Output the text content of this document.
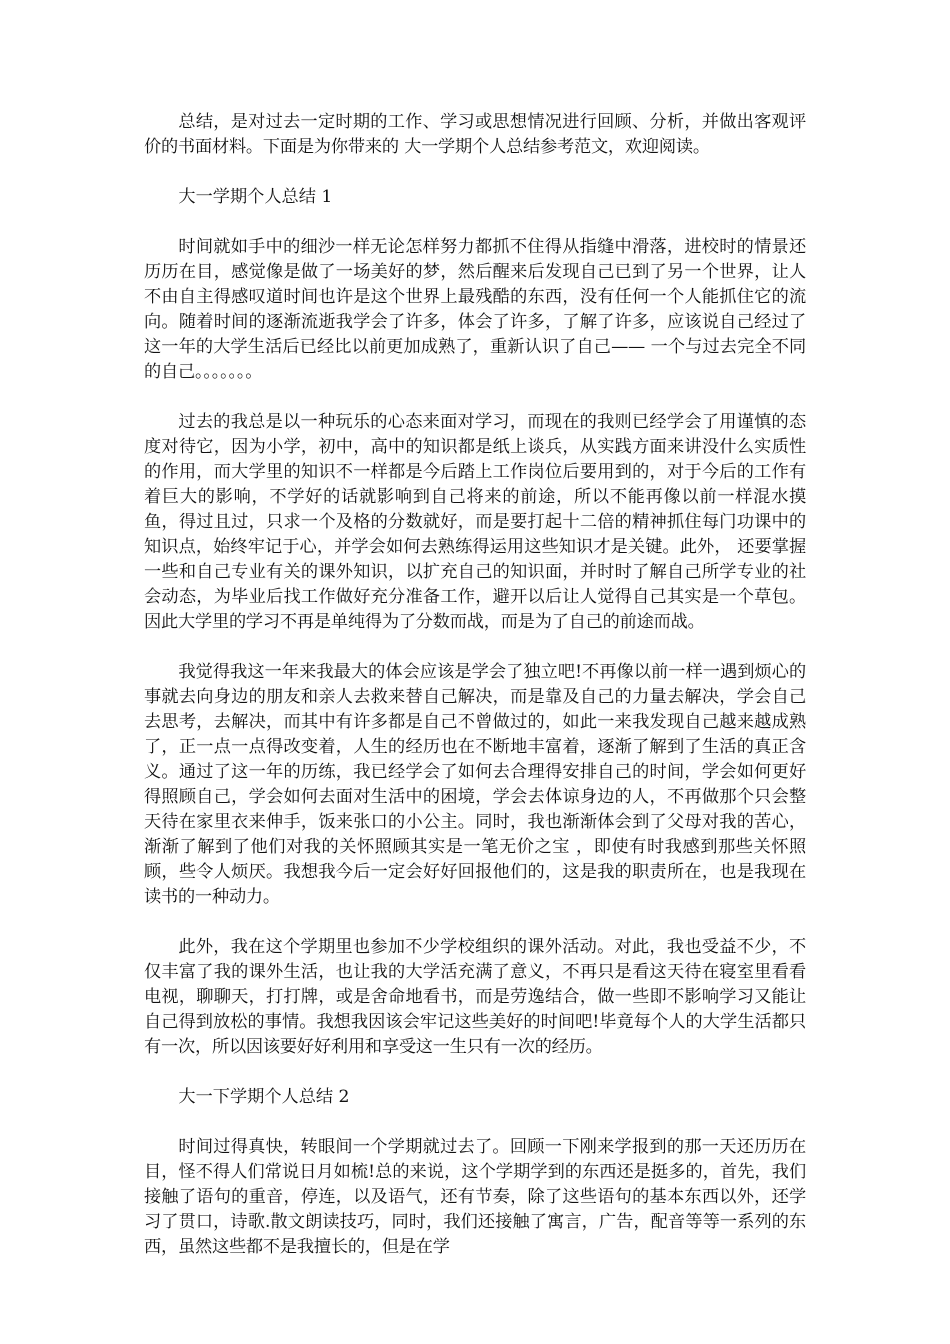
总结，是对过去一定时期的工作、学习或思想情况进行回顾、分析，并做出客观评价的书面材料。下面是为你带来的 大一学期个人总结参考范文，欢迎阅读。

大一学期个人总结 1

时间就如手中的细沙一样无论怎样努力都抓不住得从指缝中滑落，进校时的情景还历历在目，感觉像是做了一场美好的梦，然后醒来后发现自己已到了另一个世界，让人不由自主得感叹道时间也许是这个世界上最残酷的东西，没有任何一个人能抓住它的流向。随着时间的逐渐流逝我学会了许多，体会了许多，了解了许多，应该说自己经过了这一年的大学生活后已经比以前更加成熟了，重新认识了自己—— 一个与过去完全不同的自己。。。。。。。

过去的我总是以一种玩乐的心态来面对学习，而现在的我则已经学会了用谨慎的态度对待它，因为小学，初中，高中的知识都是纸上谈兵，从实践方面来讲没什么实质性的作用，而大学里的知识不一样都是今后踏上工作岗位后要用到的，对于今后的工作有着巨大的影响，不学好的话就影响到自己将来的前途，所以不能再像以前一样混水摸鱼，得过且过，只求一个及格的分数就好，而是要打起十二倍的精神抓住每门功课中的知识点，始终牢记于心，并学会如何去熟练得运用这些知识才是关键。此外， 还要掌握一些和自己专业有关的课外知识，以扩充自己的知识面，并时时了解自己所学专业的社会动态，为毕业后找工作做好充分准备工作，避开以后让人觉得自己其实是一个草包。因此大学里的学习不再是单纯得为了分数而战，而是为了自己的前途而战。

我觉得我这一年来我最大的体会应该是学会了独立吧!不再像以前一样一遇到烦心的事就去向身边的朋友和亲人去救来替自己解决，而是靠及自己的力量去解决，学会自己去思考，去解决，而其中有许多都是自己不曾做过的，如此一来我发现自己越来越成熟了，正一点一点得改变着，人生的经历也在不断地丰富着，逐渐了解到了生活的真正含义。通过了这一年的历练，我已经学会了如何去合理得安排自己的时间，学会如何更好得照顾自己，学会如何去面对生活中的困境，学会去体谅身边的人，不再做那个只会整天待在家里衣来伸手，饭来张口的小公主。同时，我也渐渐体会到了父母对我的苦心，渐渐了解到了他们对我的关怀照顾其实是一笔无价之宝 ，即使有时我感到那些关怀照顾，些令人烦厌。我想我今后一定会好好回报他们的，这是我的职责所在，也是我现在读书的一种动力。

此外，我在这个学期里也参加不少学校组织的课外活动。对此，我也受益不少，不仅丰富了我的课外生活，也让我的大学活充满了意义，不再只是看这天待在寝室里看看电视，聊聊天，打打牌，或是舍命地看书，而是劳逸结合，做一些即不影响学习又能让自己得到放松的事情。我想我因该会牢记这些美好的时间吧!毕竟每个人的大学生活都只有一次，所以因该要好好利用和享受这一生只有一次的经历。

大一下学期个人总结 2

时间过得真快，转眼间一个学期就过去了。回顾一下刚来学报到的那一天还历历在目，怪不得人们常说日月如梳!总的来说，这个学期学到的东西还是挺多的，首先，我们接触了语句的重音，停连，以及语气，还有节奏，除了这些语句的基本东西以外，还学习了贯口，诗歌.散文朗读技巧，同时，我们还接触了寓言，广告，配音等等一系列的东西，虽然这些都不是我擅长的，但是在学
